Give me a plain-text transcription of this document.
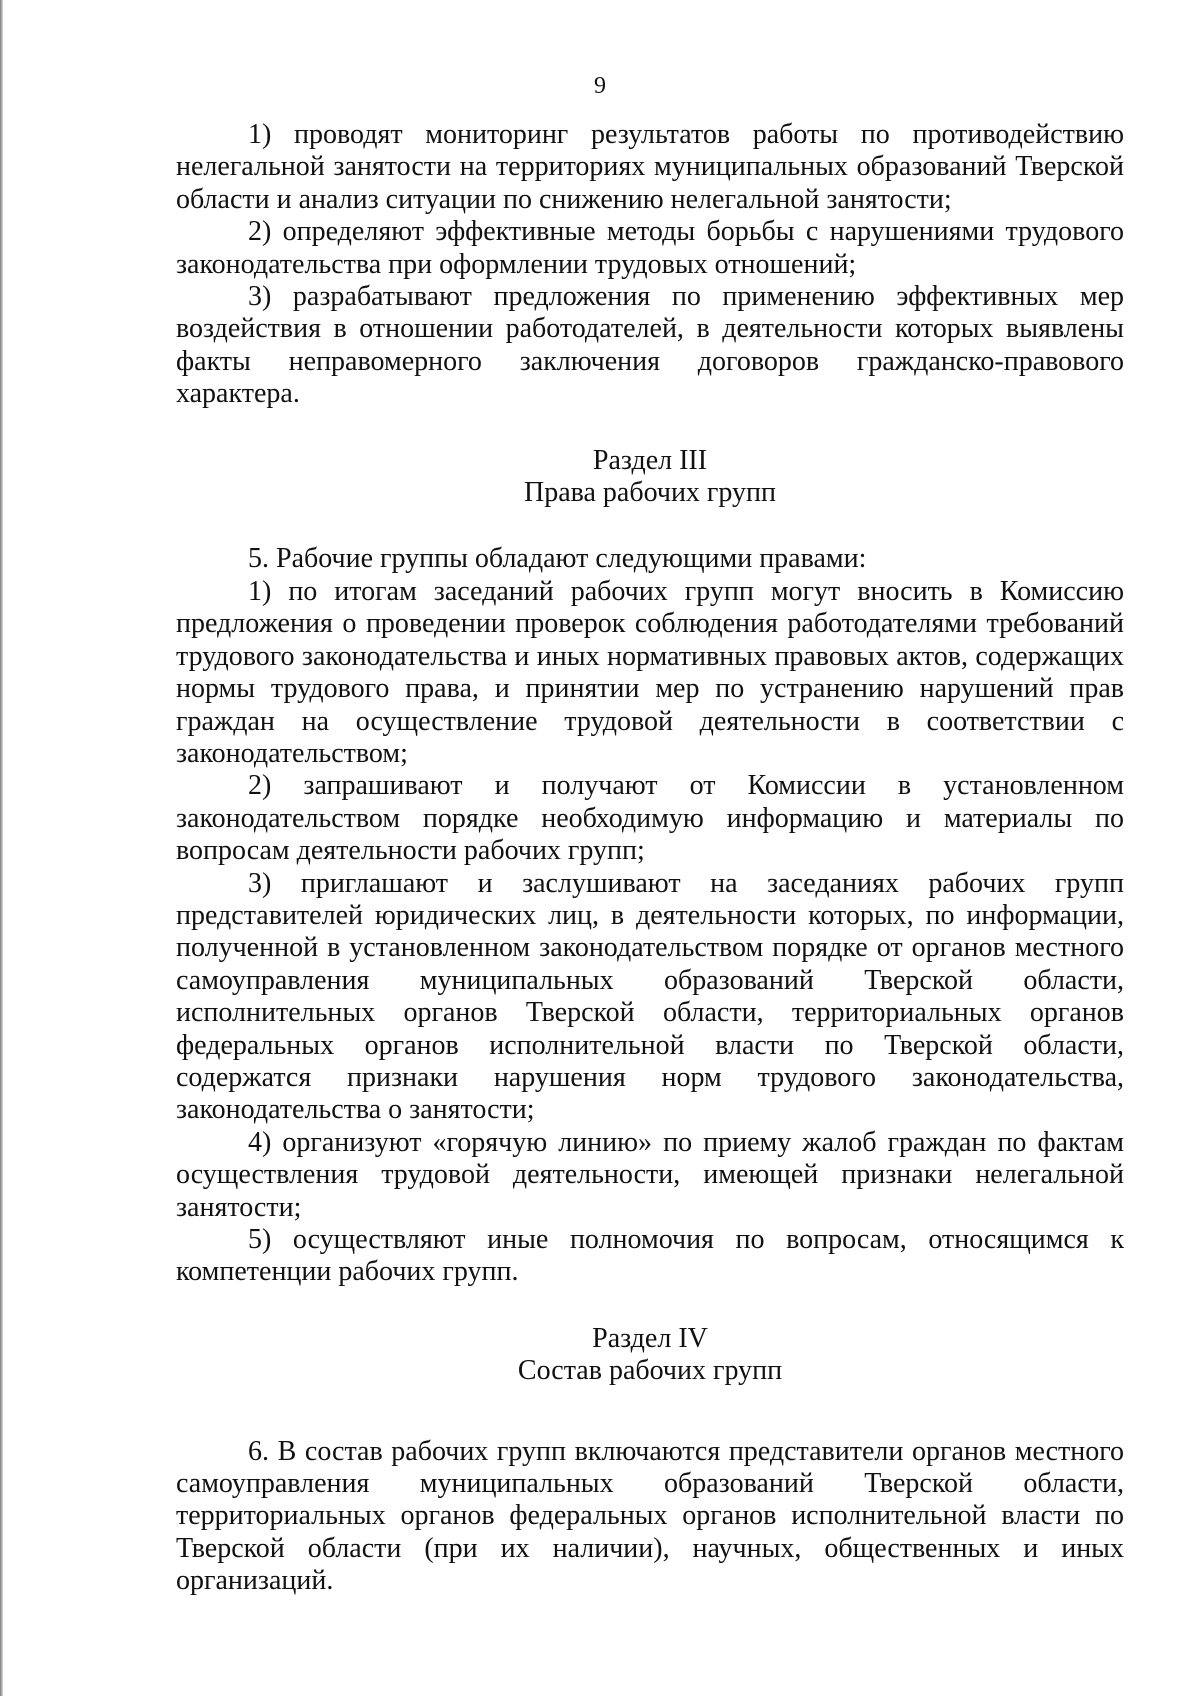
9

1) проводят мониторинг результатов работы по противодействию нелегальной занятости на территориях муниципальных образований Тверской области и анализ ситуации по снижению нелегальной занятости;

2) определяют эффективные методы борьбы с нарушениями трудового законодательства при оформлении трудовых отношений;

3) разрабатывают предложения по применению эффективных мер воздействия в отношении работодателей, в деятельности которых выявлены факты неправомерного заключения договоров гражданско-правового характера.

Раздел III
Права рабочих групп

5. Рабочие группы обладают следующими правами:

1) по итогам заседаний рабочих групп могут вносить в Комиссию предложения о проведении проверок соблюдения работодателями требований трудового законодательства и иных нормативных правовых актов, содержащих нормы трудового права, и принятии мер по устранению нарушений прав граждан на осуществление трудовой деятельности в соответствии с законодательством;

2) запрашивают и получают от Комиссии в установленном законодательством порядке необходимую информацию и материалы по вопросам деятельности рабочих групп;

3) приглашают и заслушивают на заседаниях рабочих групп представителей юридических лиц, в деятельности которых, по информации, полученной в установленном законодательством порядке от органов местного самоуправления муниципальных образований Тверской области, исполнительных органов Тверской области, территориальных органов федеральных органов исполнительной власти по Тверской области, содержатся признаки нарушения норм трудового законодательства, законодательства о занятости;

4) организуют «горячую линию» по приему жалоб граждан по фактам осуществления трудовой деятельности, имеющей признаки нелегальной занятости;

5) осуществляют иные полномочия по вопросам, относящимся к компетенции рабочих групп.

Раздел IV
Состав рабочих групп

6. В состав рабочих групп включаются представители органов местного самоуправления муниципальных образований Тверской области, территориальных органов федеральных органов исполнительной власти по Тверской области (при их наличии), научных, общественных и иных организаций.
